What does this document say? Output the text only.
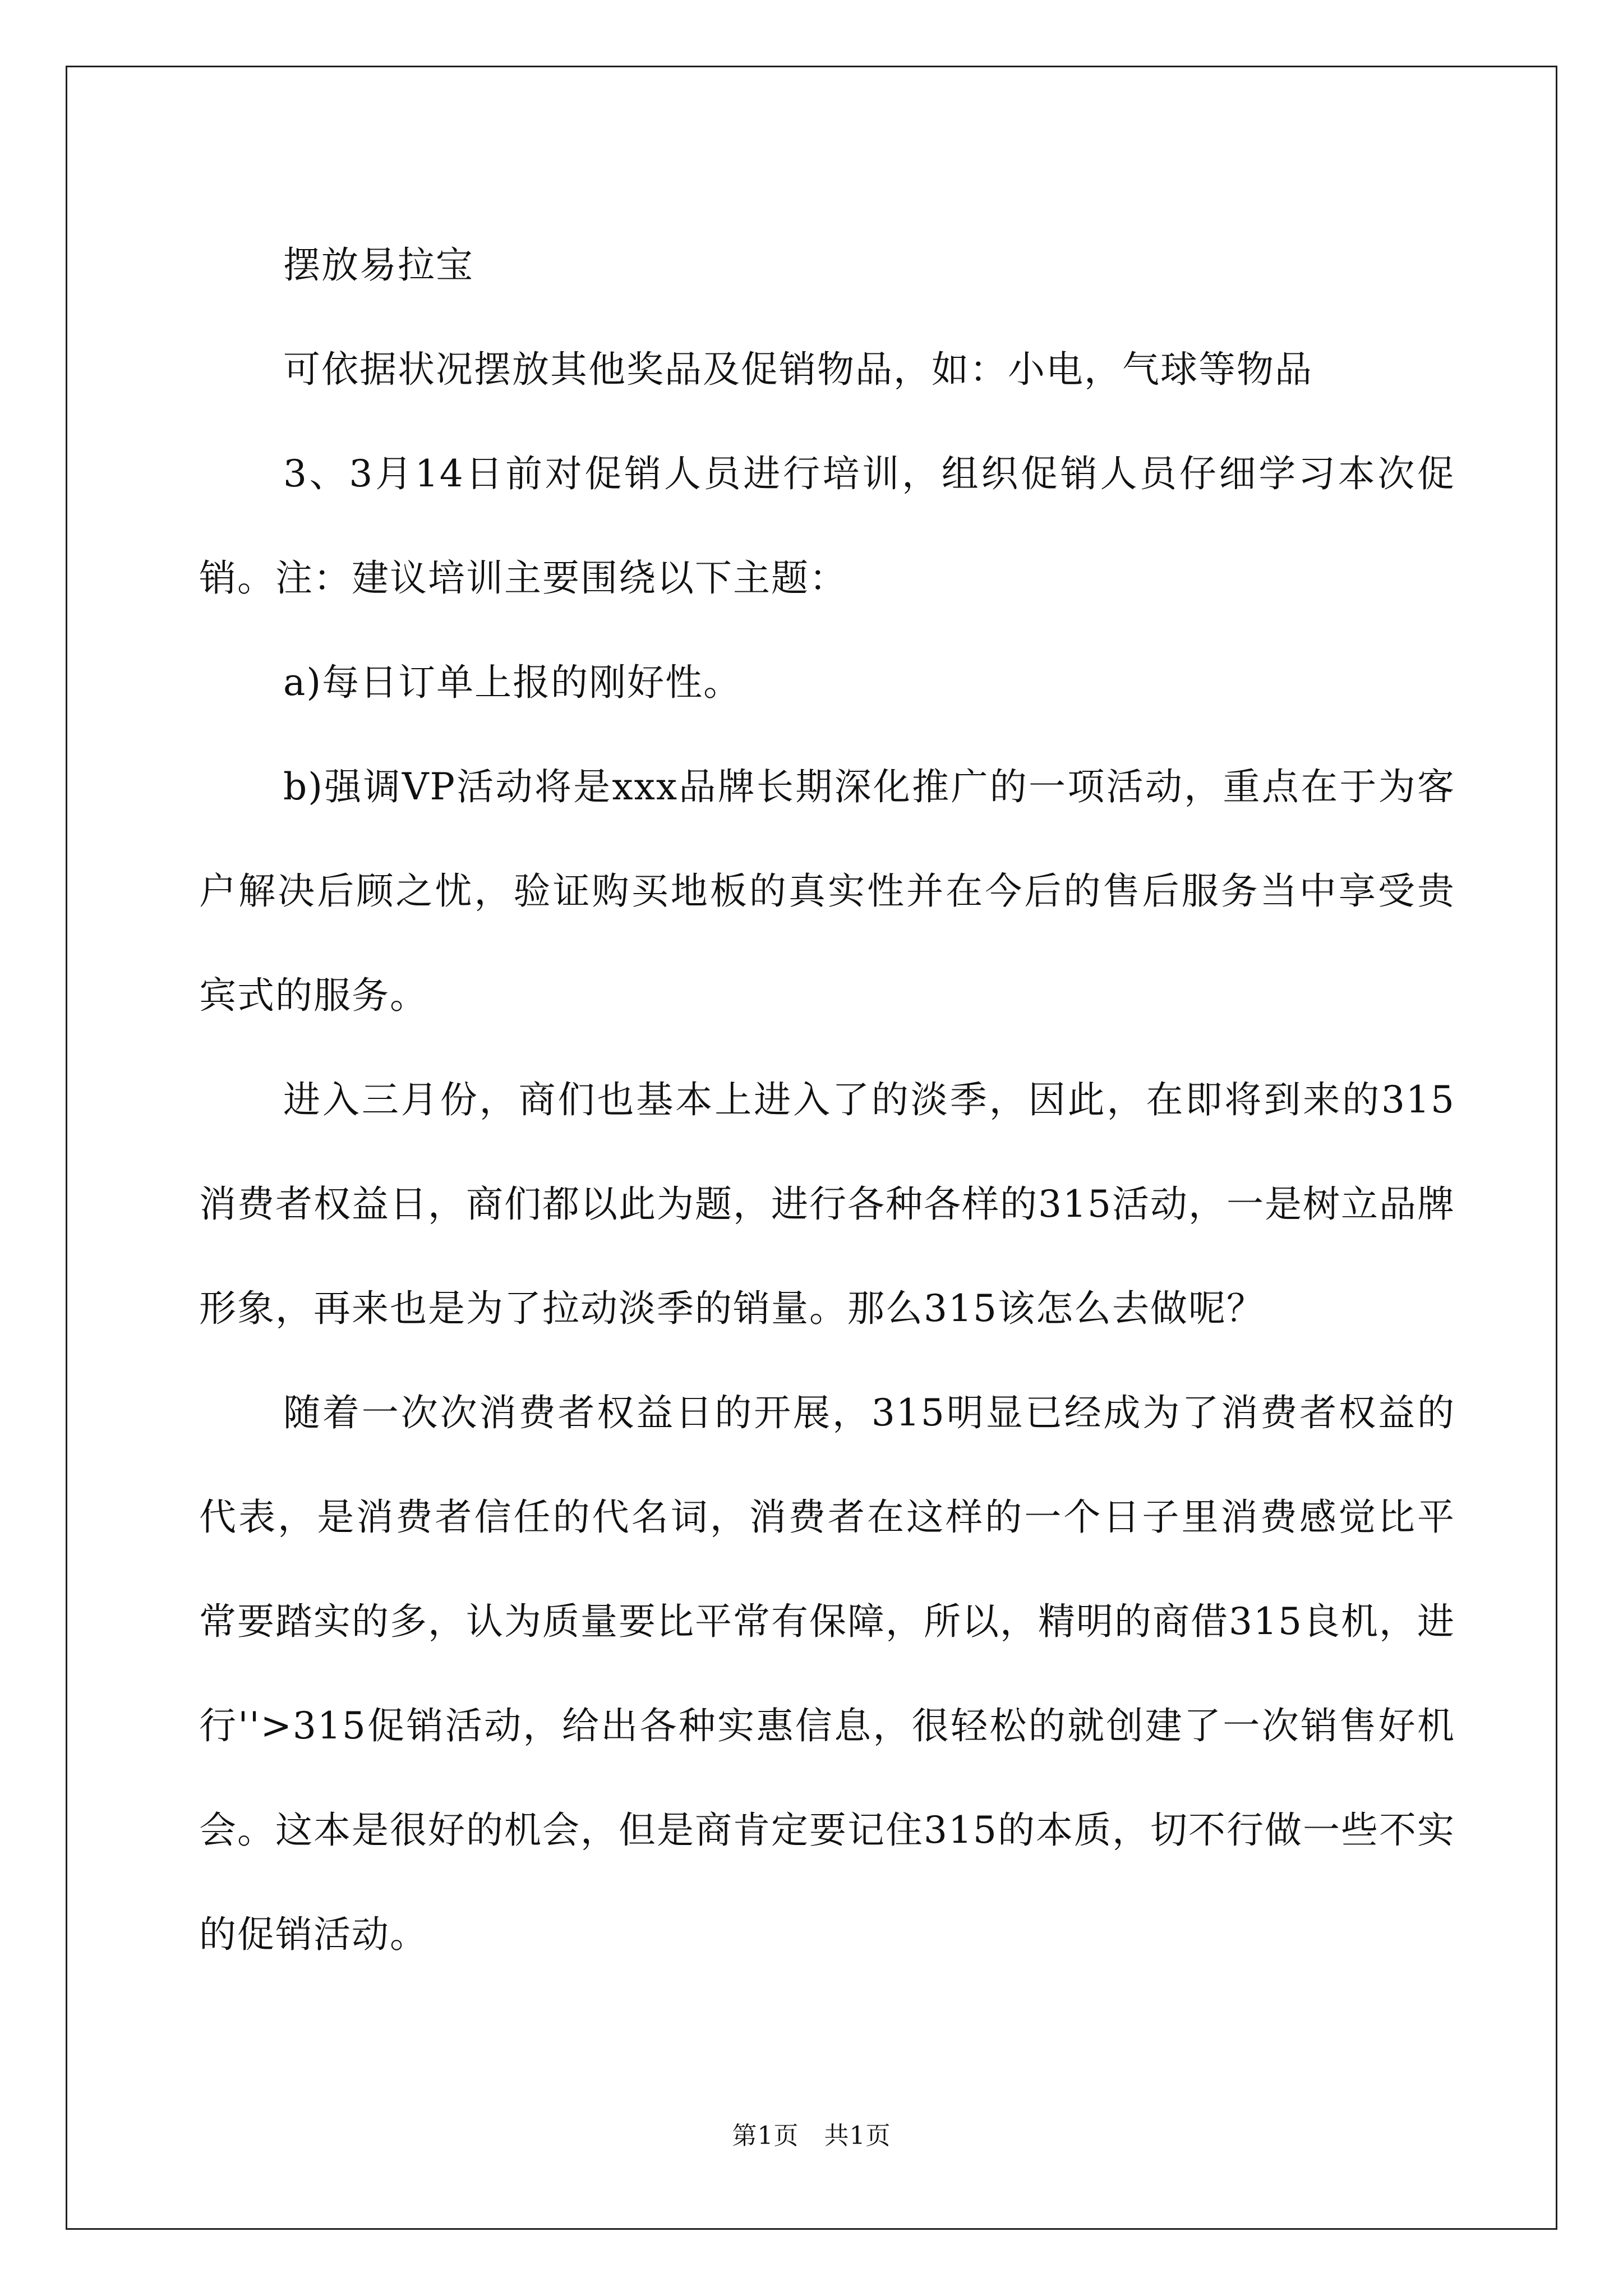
摆放易拉宝

可依据状况摆放其他奖品及促销物品，如：小电，气球等物品

3、3月14日前对促销人员进行培训，组织促销人员仔细学习本次促销。注：建议培训主要围绕以下主题：

a)每日订单上报的刚好性。

b)强调VP活动将是xxx品牌长期深化推广的一项活动，重点在于为客户解决后顾之忧，验证购买地板的真实性并在今后的售后服务当中享受贵宾式的服务。

进入三月份，商们也基本上进入了的淡季，因此，在即将到来的315消费者权益日，商们都以此为题，进行各种各样的315活动，一是树立品牌形象，再来也是为了拉动淡季的销量。那么315该怎么去做呢？

随着一次次消费者权益日的开展，315明显已经成为了消费者权益的代表，是消费者信任的代名词，消费者在这样的一个日子里消费感觉比平常要踏实的多，认为质量要比平常有保障，所以，精明的商借315良机，进行''>315促销活动，给出各种实惠信息，很轻松的就创建了一次销售好机会。这本是很好的机会，但是商肯定要记住315的本质，切不行做一些不实的促销活动。

第1页   共1页
